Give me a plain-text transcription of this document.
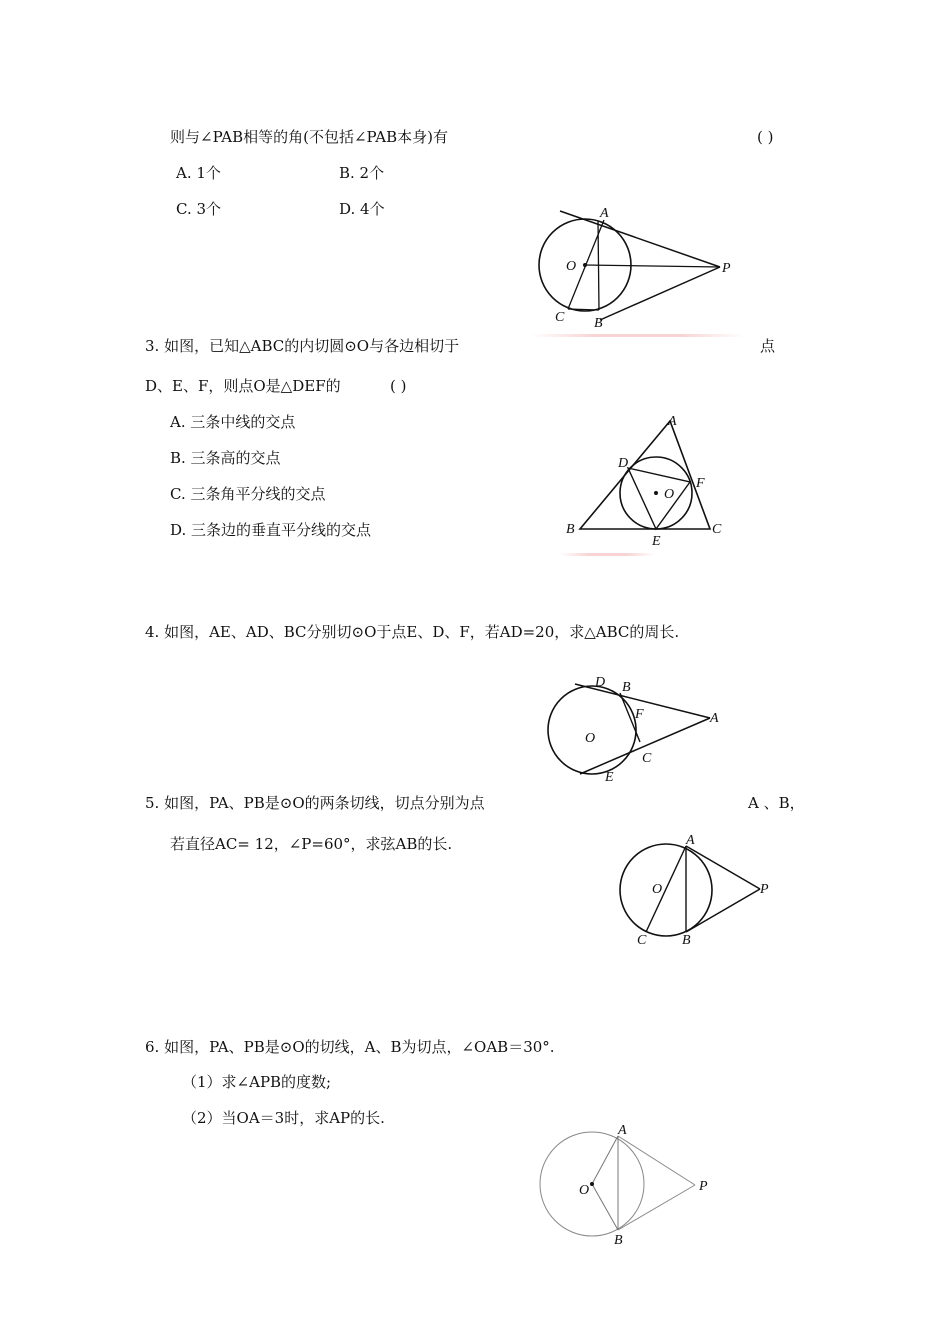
则与∠PAB相等的角(不包括∠PAB本身)有	( )
A. 1个	B. 2个
C. 3个	D. 4个	A
O	P
C B
3. 如图，已知△ABC的内切圆⊙O与各边相切于	点
D、E、F，则点O是△DEF的	( )
A. 三条中线的交点
B. 三条高的交点
C. 三条角平分线的交点
D. 三条边的垂直平分线的交点
A
D
F
O
B
E
C
4. 如图，AE、AD、BC分别切⊙O于点E、D、F，若AD=20，求△ABC的周长.
D B
F	A
O
C
E
5. 如图，PA、PB是⊙O的两条切线，切点分别为点	A 、B，
若直径AC= 12，∠P=60°，求弦AB的长.	A
O	P
C	B
6. 如图，PA、PB是⊙O的切线，A、B为切点，∠OAB＝30°.
（1）求∠APB的度数;
（2）当OA＝3时，求AP的长.
A
O	P
B
